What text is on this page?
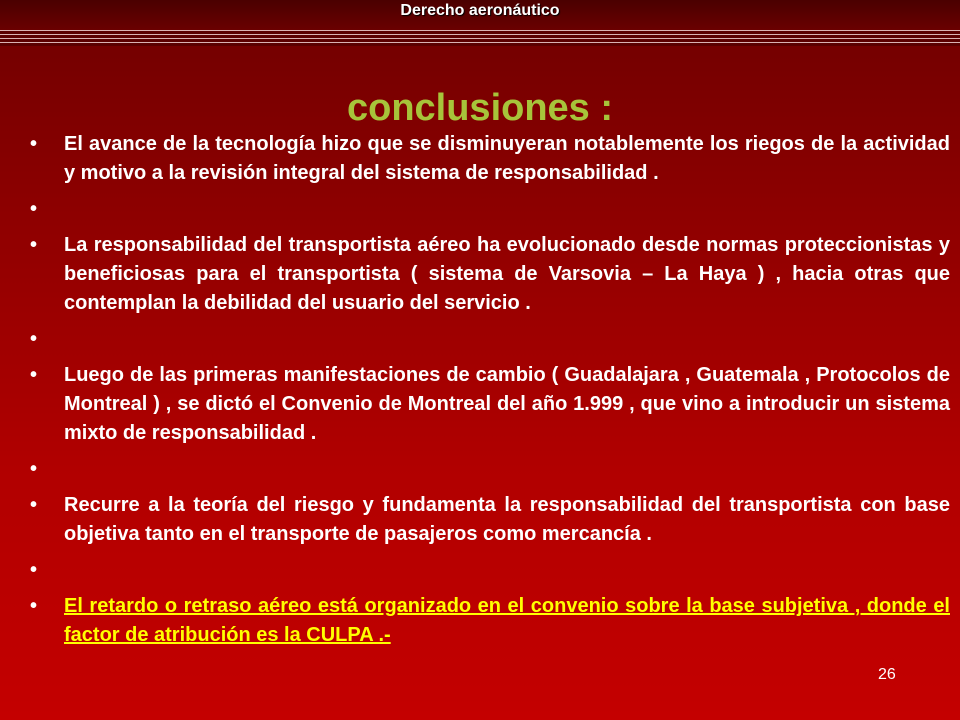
Derecho aeronáutico
conclusiones :
• El avance de la tecnología hizo que se disminuyeran notablemente los riegos de la actividad y motivo a la revisión integral del sistema de responsabilidad .
•
• La responsabilidad del transportista aéreo ha evolucionado desde normas proteccionistas y beneficiosas para el transportista ( sistema de Varsovia – La Haya ) , hacia otras que contemplan la debilidad del usuario del servicio .
•
• Luego de las primeras manifestaciones de cambio ( Guadalajara , Guatemala , Protocolos de Montreal ) , se dictó el Convenio de Montreal del año 1.999 , que vino a introducir un sistema mixto de responsabilidad .
•
• Recurre a la teoría del riesgo y fundamenta la responsabilidad del transportista con base objetiva tanto en el transporte de pasajeros como mercancía .
•
• El retardo o retraso aéreo está organizado en el convenio sobre la base subjetiva , donde el factor de atribución es la CULPA .-
26
